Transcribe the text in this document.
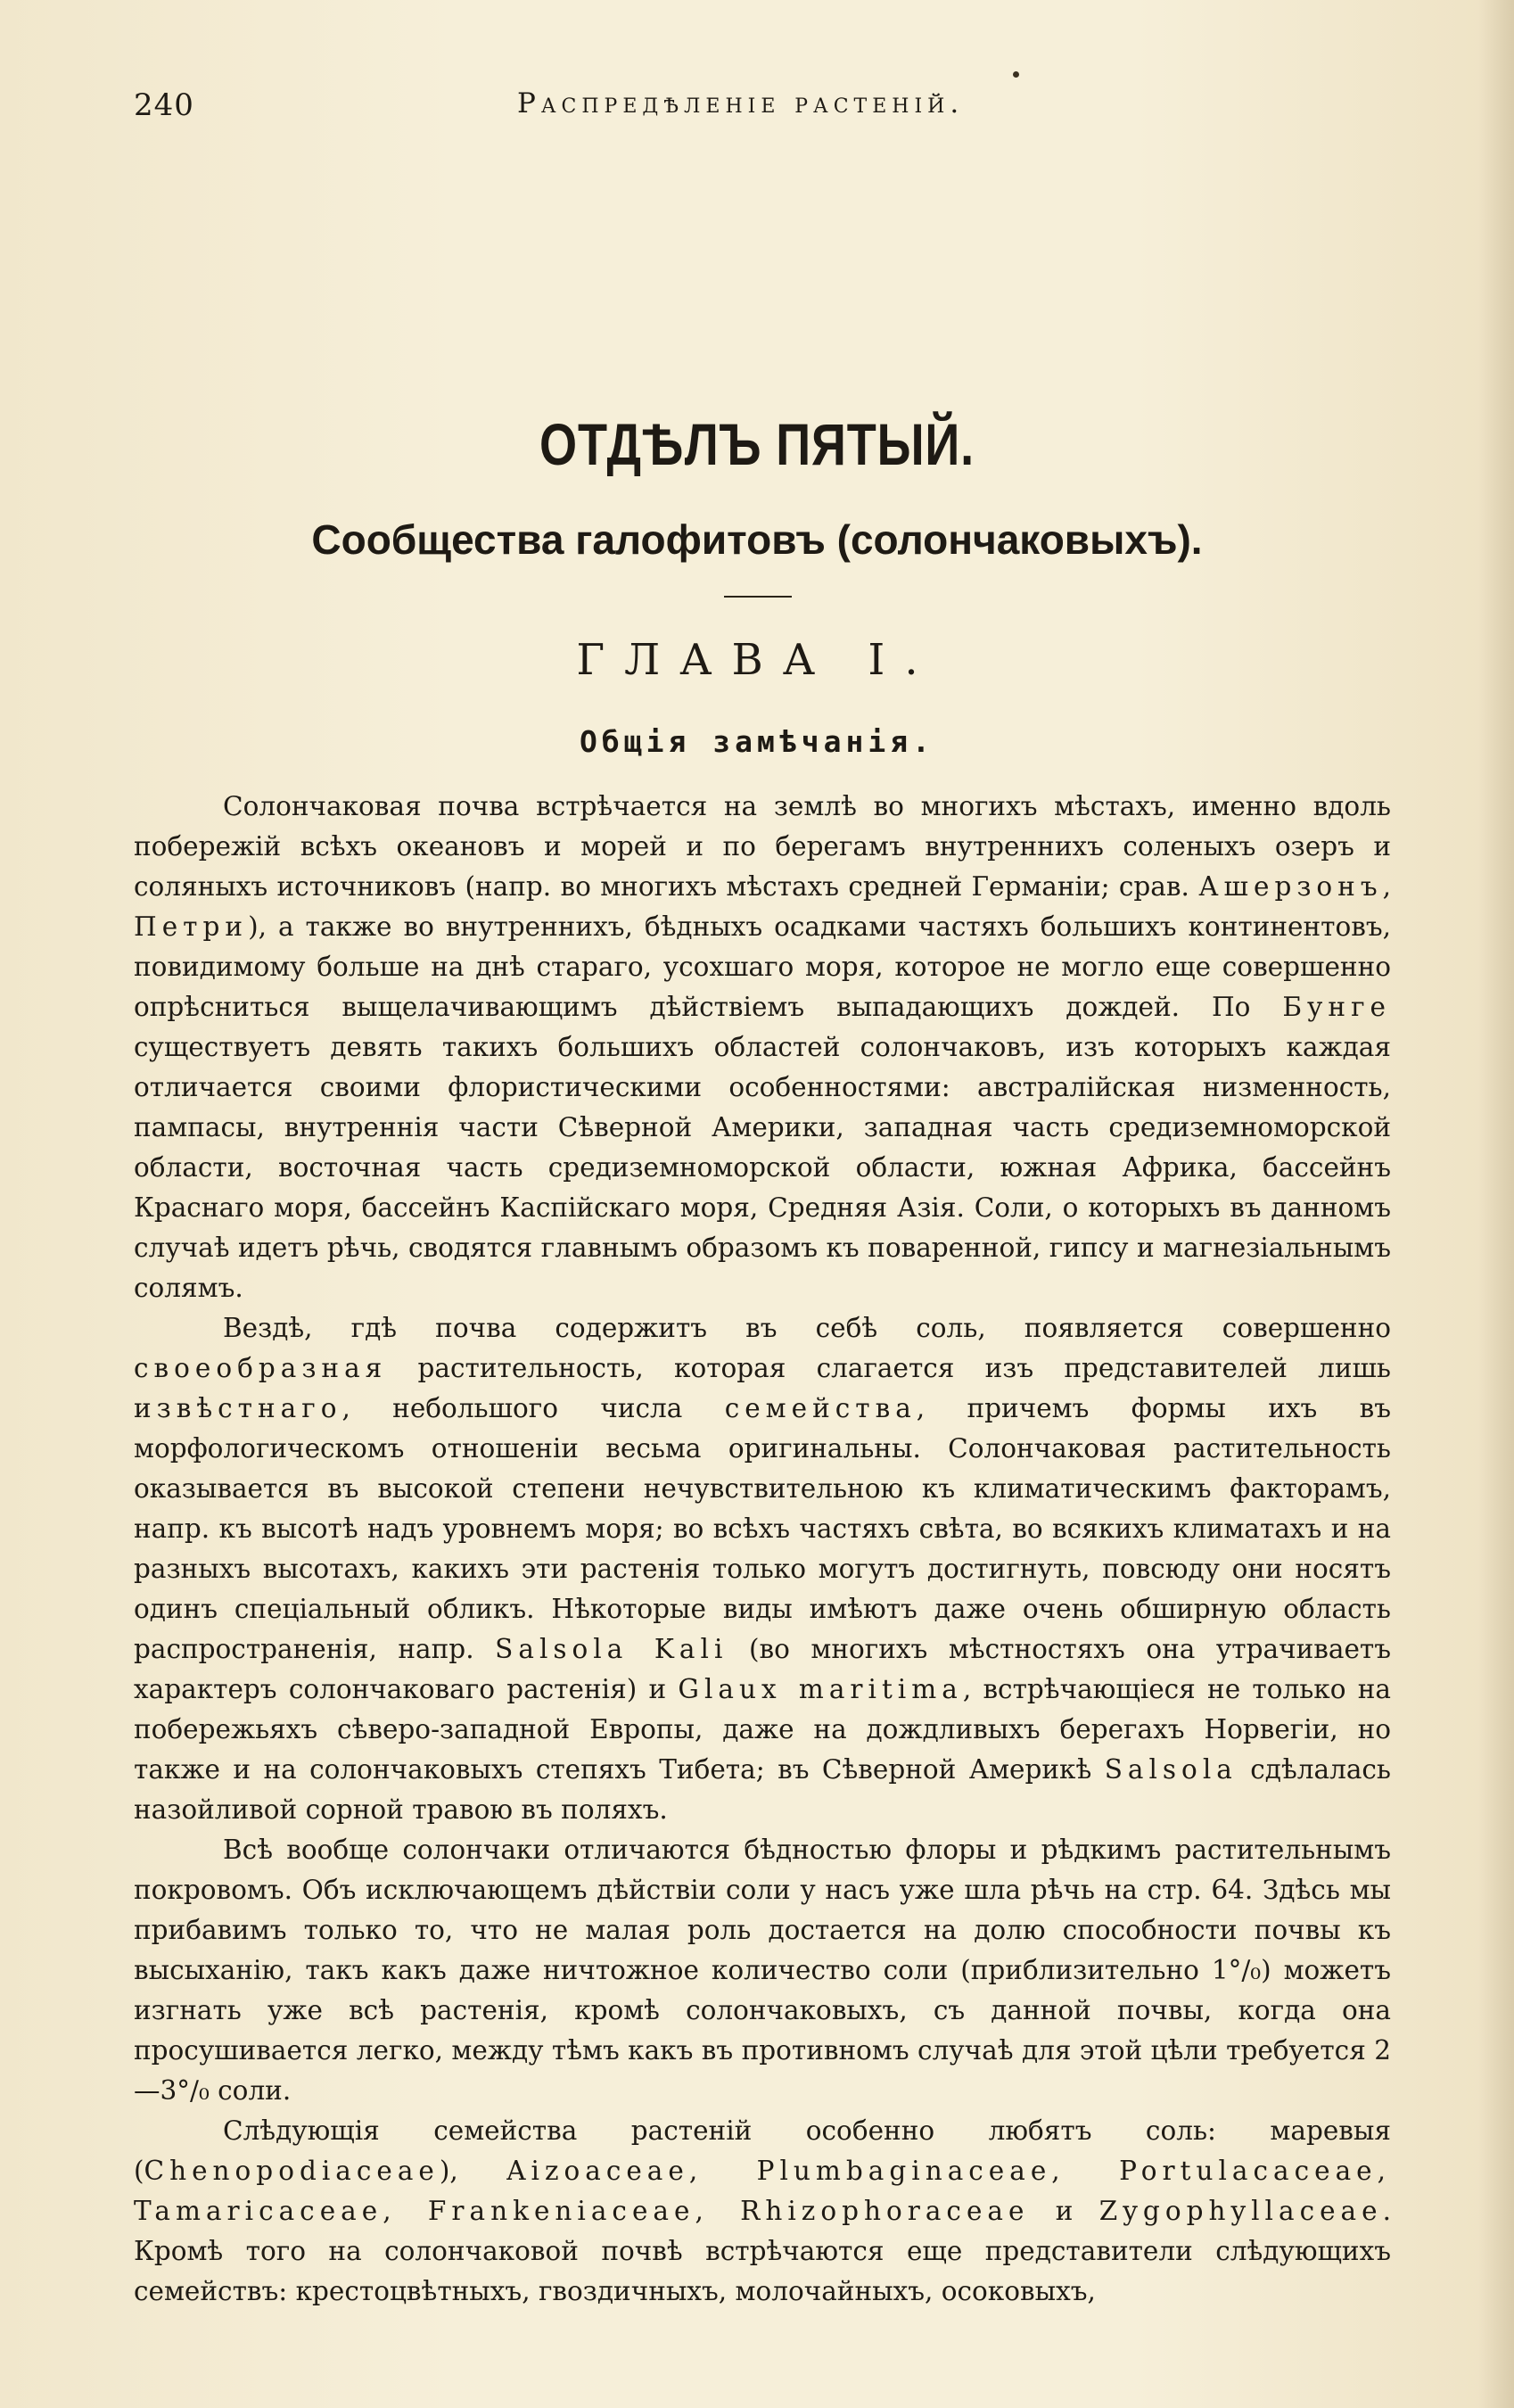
240	Распредѣленіе растеній.
ОТДѢЛЪ ПЯТЫЙ.
Сообщества галофитовъ (солончаковыхъ).
ГЛАВА І.
Общія замѣчанія.

Солончаковая почва встрѣчается на землѣ во многихъ мѣстахъ, именно вдоль побережій всѣхъ океановъ и морей и по берегамъ внутреннихъ соленыхъ озеръ и соляныхъ источниковъ (напр. во многихъ мѣстахъ средней Германіи; срав. Ашерзонъ, Петри), а также во внутреннихъ, бѣдныхъ осадками частяхъ большихъ континентовъ, повидимому больше на днѣ стараго, усохшаго моря, которое не могло еще совершенно опрѣсниться выщелачивающимъ дѣйствіемъ выпадающихъ дождей. По Бунге существуетъ девять такихъ большихъ областей солончаковъ, изъ которыхъ каждая отличается своими флористическими особенностями: австралійская низменность, пампасы, внутреннія части Сѣверной Америки, западная часть средиземноморской области, восточная часть средиземноморской области, южная Африка, бассейнъ Краснаго моря, бассейнъ Каспійскаго моря, Средняя Азія. Соли, о которыхъ въ данномъ случаѣ идетъ рѣчь, сводятся главнымъ образомъ къ поваренной, гипсу и магнезіальнымъ солямъ.

Вездѣ, гдѣ почва содержитъ въ себѣ соль, появляется совершенно своеобразная растительность, которая слагается изъ представителей лишь извѣстнаго, небольшого числа семейства, причемъ формы ихъ въ морфологическомъ отношеніи весьма оригинальны. Солончаковая растительность оказывается въ высокой степени нечувствительною къ климатическимъ факторамъ, напр. къ высотѣ надъ уровнемъ моря; во всѣхъ частяхъ свѣта, во всякихъ климатахъ и на разныхъ высотахъ, какихъ эти растенія только могутъ достигнуть, повсюду они носятъ одинъ спеціальный обликъ. Нѣкоторые виды имѣютъ даже очень обширную область распространенія, напр. Salsola Kali (во многихъ мѣстностяхъ она утрачиваетъ характеръ солончаковаго растенія) и Glaux maritima, встрѣчающіеся не только на побережьяхъ сѣверо-западной Европы, даже на дождливыхъ берегахъ Норвегіи, но также и на солончаковыхъ степяхъ Тибета; въ Сѣверной Америкѣ Salsola сдѣлалась назойливой сорной травою въ поляхъ.

Всѣ вообще солончаки отличаются бѣдностью флоры и рѣдкимъ растительнымъ покровомъ. Объ исключающемъ дѣйствіи соли у насъ уже шла рѣчь на стр. 64. Здѣсь мы прибавимъ только то, что не малая роль достается на долю способности почвы къ высыханію, такъ какъ даже ничтожное количество соли (приблизительно 1°/₀) можетъ изгнать уже всѣ растенія, кромѣ солончаковыхъ, съ данной почвы, когда она просушивается легко, между тѣмъ какъ въ противномъ случаѣ для этой цѣли требуется 2—3°/₀ соли.

Слѣдующія семейства растеній особенно любятъ соль: маревыя (Chenopodiaceae), Aizoaceae, Plumbaginaceae, Portulacaceae, Tamaricaceae, Frankeniaceae, Rhizophoraceae и Zygophyllaceae. Кромѣ того на солончаковой почвѣ встрѣчаются еще представители слѣдующихъ семействъ: крестоцвѣтныхъ, гвоздичныхъ, молочайныхъ, осоковыхъ,
